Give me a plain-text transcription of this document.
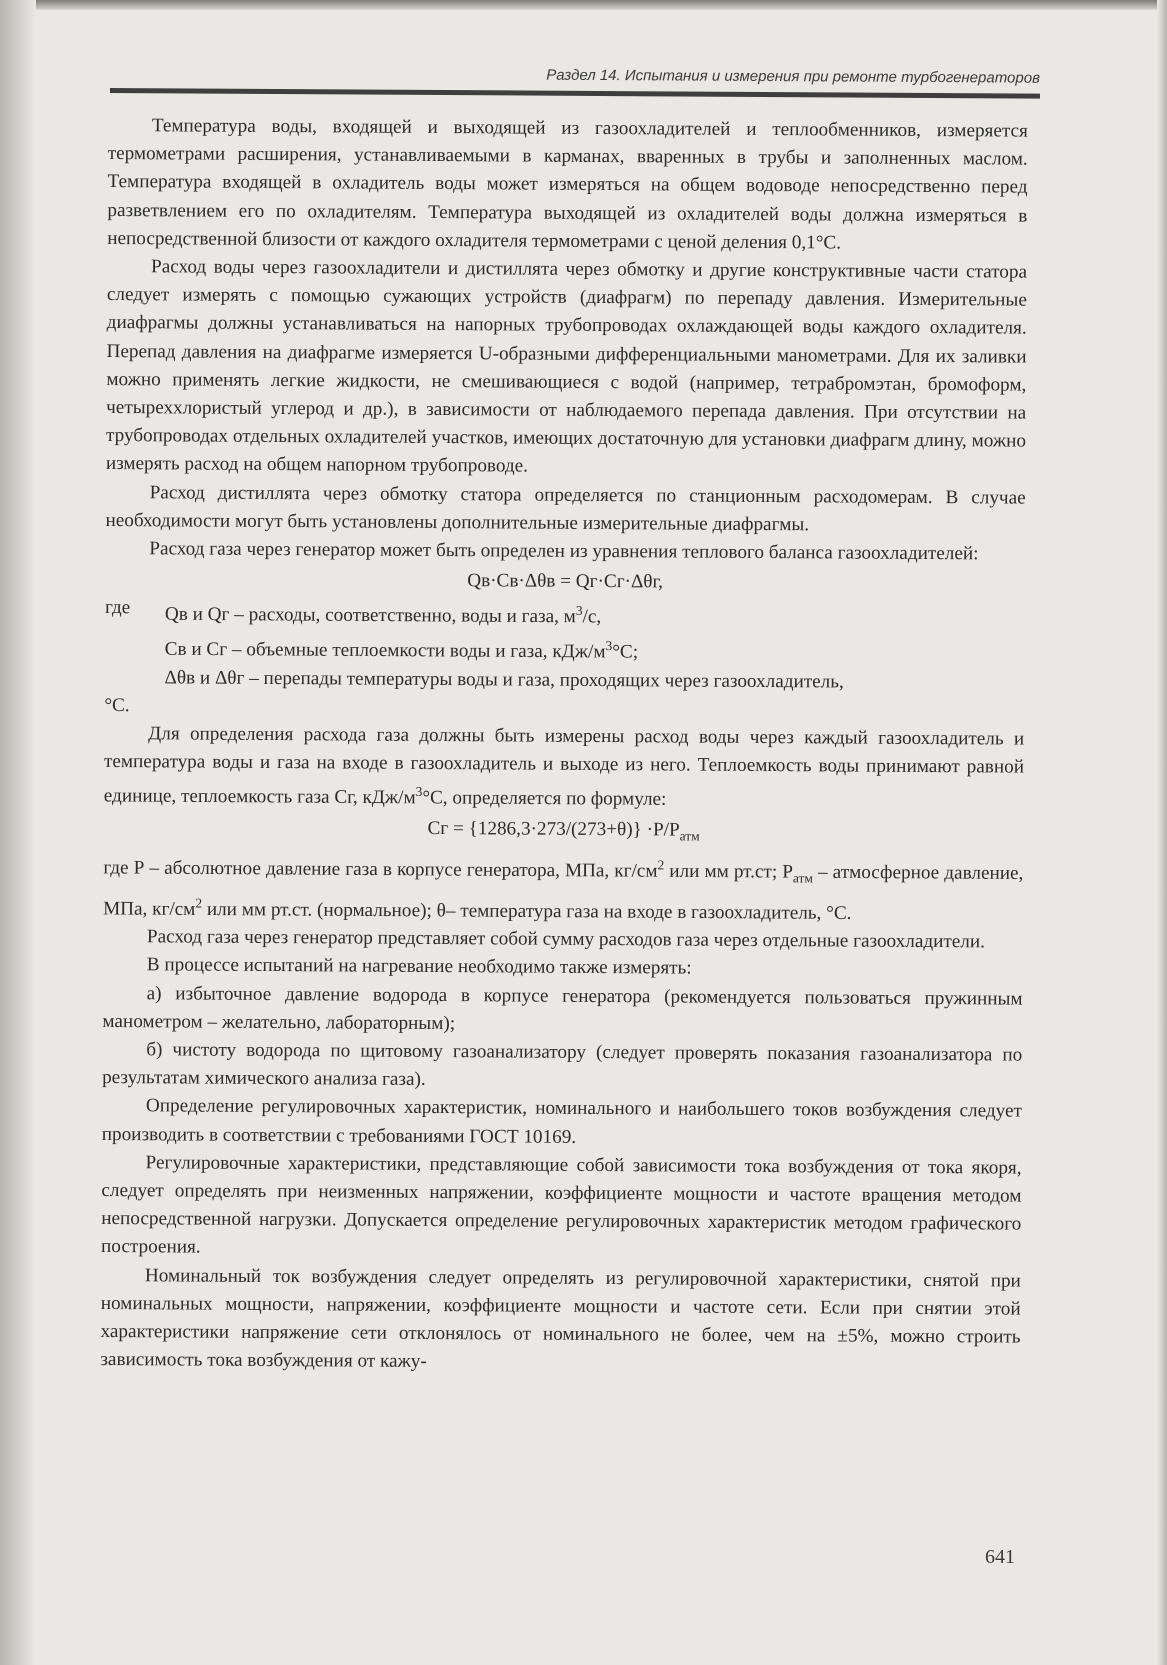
Раздел 14. Испытания и измерения при ремонте турбогенераторов

Температура воды, входящей и выходящей из газоохладителей и теплообменников, измеряется термометрами расширения, устанавливаемыми в карманах, вваренных в трубы и заполненных маслом. Температура входящей в охладитель воды может измеряться на общем водоводе непосредственно перед разветвлением его по охладителям. Температура выходящей из охладителей воды должна измеряться в непосредственной близости от каждого охладителя термометрами с ценой деления 0,1°С.

Расход воды через газоохладители и дистиллята через обмотку и другие конструктивные части статора следует измерять с помощью сужающих устройств (диафрагм) по перепаду давления. Измерительные диафрагмы должны устанавливаться на напорных трубопроводах охлаждающей воды каждого охладителя. Перепад давления на диафрагме измеряется U-образными дифференциальными манометрами. Для их заливки можно применять легкие жидкости, не смешивающиеся с водой (например, тетрабромэтан, бромоформ, четыреххлористый углерод и др.), в зависимости от наблюдаемого перепада давления. При отсутствии на трубопроводах отдельных охладителей участков, имеющих достаточную для установки диафрагм длину, можно измерять расход на общем напорном трубопроводе.

Расход дистиллята через обмотку статора определяется по станционным расходомерам. В случае необходимости могут быть установлены дополнительные измерительные диафрагмы.

Расход газа через генератор может быть определен из уравнения теплового баланса газоохладителей:

Qв·Cв·Δθв = Qг·Cг·Δθг,
где Qв и Qг – расходы, соответственно, воды и газа, $м^3/с$,
Св и Сг – объемные теплоемкости воды и газа, кДж/$м^3^\circ С$;
Δθв и Δθг – перепады температуры воды и газа, проходящих через газоохладитель,
°С.

Для определения расхода газа должны быть измерены расход воды через каждый газоохладитель и температура воды и газа на входе в газоохладитель и выходе из него. Теплоемкость воды принимают равной единице, теплоемкость газа Сг, кДж/$м^3^\circ С$, определяется по формуле:

Сг = $\{1286,3\cdot 273/(273+\theta)\} \cdot Р/Р_{атм}$

где Р – абсолютное давление газа в корпусе генератора, МПа, $кг/см^2$ или мм рт.ст; $Р_{атм}$ – атмосферное давление, МПа, $кг/см^2$ или мм рт.ст. (нормальное); θ– температура газа на входе в газоохладитель, °С.

Расход газа через генератор представляет собой сумму расходов газа через отдельные газоохладители.

В процессе испытаний на нагревание необходимо также измерять:

а) избыточное давление водорода в корпусе генератора (рекомендуется пользоваться пружинным манометром – желательно, лабораторным);

б) чистоту водорода по щитовому газоанализатору (следует проверять показания газоанализатора по результатам химического анализа газа).

Определение регулировочных характеристик, номинального и наибольшего токов возбуждения следует производить в соответствии с требованиями ГОСТ 10169.

Регулировочные характеристики, представляющие собой зависимости тока возбуждения от тока якоря, следует определять при неизменных напряжении, коэффициенте мощности и частоте вращения методом непосредственной нагрузки. Допускается определение регулировочных характеристик методом графического построения.

Номинальный ток возбуждения следует определять из регулировочной характеристики, снятой при номинальных мощности, напряжении, коэффициенте мощности и частоте сети. Если при снятии этой характеристики напряжение сети отклонялось от номинального не более, чем на ±5%, можно строить зависимость тока возбуждения от кажу-

641
